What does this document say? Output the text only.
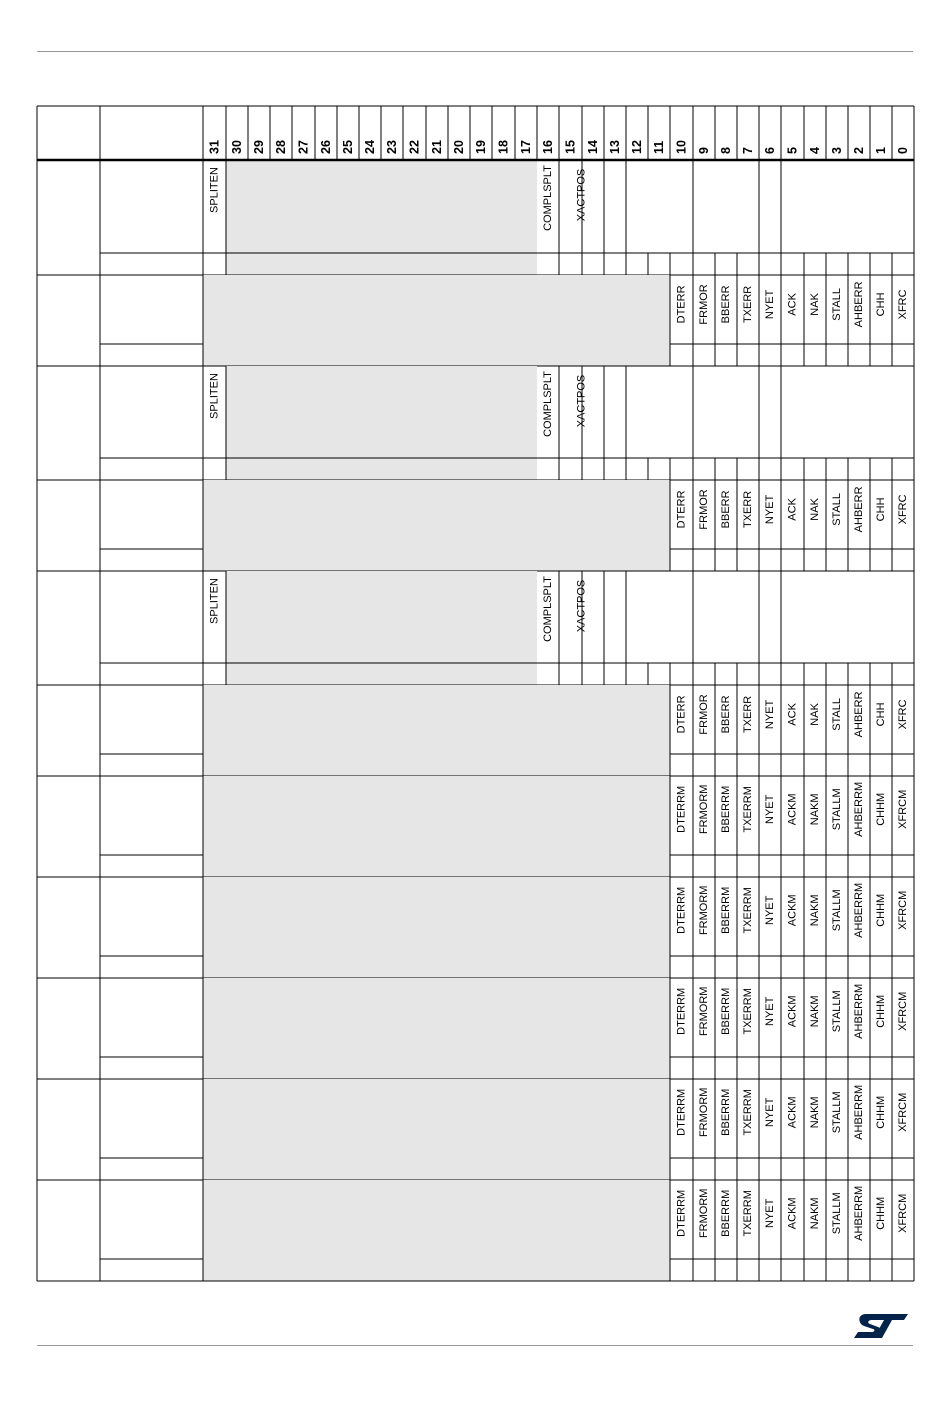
31 30 29 28 27 26 25 24 23 22 21 20 19 18 17 16 15 14 13 12 11 10 9 8 7 6 5 4 3 2 1 0
SPLITEN	COMPLSPLT XACTPOS
DTERR FRMOR BBERR TXERR NYET ACK NAK STALL AHBERR CHH XFRC
SPLITEN	COMPLSPLT XACTPOS
DTERR FRMOR BBERR TXERR NYET ACK NAK STALL AHBERR CHH XFRC
SPLITEN	COMPLSPLT XACTPOS
DTERR FRMOR BBERR TXERR NYET ACK NAK STALL AHBERR CHH XFRC
DTERRM FRMORM BBERRM TXERRM NYET ACKM NAKM STALLM AHBERRM CHHM XFRCM
DTERRM FRMORM BBERRM TXERRM NYET ACKM NAKM STALLM AHBERRM CHHM XFRCM
DTERRM FRMORM BBERRM TXERRM NYET ACKM NAKM STALLM AHBERRM CHHM XFRCM
DTERRM FRMORM BBERRM TXERRM NYET ACKM NAKM STALLM AHBERRM CHHM XFRCM
DTERRM FRMORM BBERRM TXERRM NYET ACKM NAKM STALLM AHBERRM CHHM XFRCM
